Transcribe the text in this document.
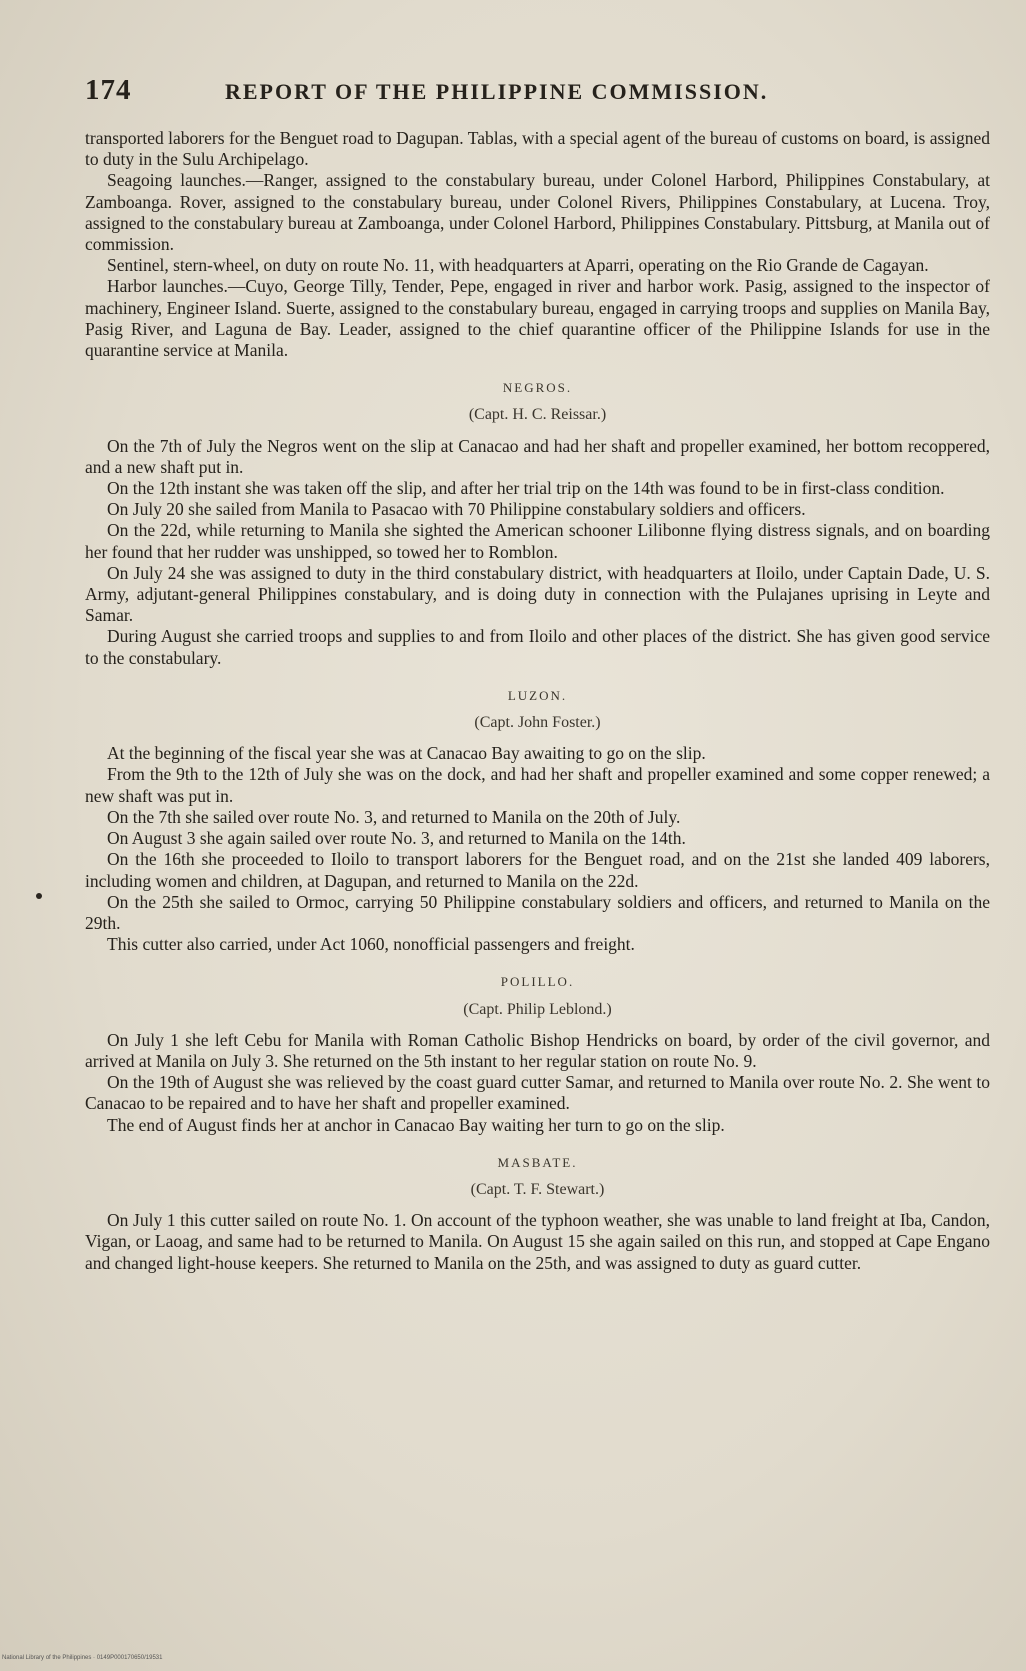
174	REPORT OF THE PHILIPPINE COMMISSION.

transported laborers for the Benguet road to Dagupan. Tablas, with a special agent of the bureau of customs on board, is assigned to duty in the Sulu Archipelago.

Seagoing launches.—Ranger, assigned to the constabulary bureau, under Colonel Harbord, Philippines Constabulary, at Zamboanga. Rover, assigned to the constabulary bureau, under Colonel Rivers, Philippines Constabulary, at Lucena. Troy, assigned to the constabulary bureau at Zamboanga, under Colonel Harbord, Philippines Constabulary. Pittsburg, at Manila out of commission.

Sentinel, stern-wheel, on duty on route No. 11, with headquarters at Aparri, operating on the Rio Grande de Cagayan.

Harbor launches.—Cuyo, George Tilly, Tender, Pepe, engaged in river and harbor work. Pasig, assigned to the inspector of machinery, Engineer Island. Suerte, assigned to the constabulary bureau, engaged in carrying troops and supplies on Manila Bay, Pasig River, and Laguna de Bay. Leader, assigned to the chief quarantine officer of the Philippine Islands for use in the quarantine service at Manila.

NEGROS.
(Capt. H. C. Reissar.)

On the 7th of July the Negros went on the slip at Canacao and had her shaft and propeller examined, her bottom recoppered, and a new shaft put in.

On the 12th instant she was taken off the slip, and after her trial trip on the 14th was found to be in first-class condition.

On July 20 she sailed from Manila to Pasacao with 70 Philippine constabulary soldiers and officers.

On the 22d, while returning to Manila she sighted the American schooner Lilibonne flying distress signals, and on boarding her found that her rudder was unshipped, so towed her to Romblon.

On July 24 she was assigned to duty in the third constabulary district, with headquarters at Iloilo, under Captain Dade, U. S. Army, adjutant-general Philippines constabulary, and is doing duty in connection with the Pulajanes uprising in Leyte and Samar.

During August she carried troops and supplies to and from Iloilo and other places of the district. She has given good service to the constabulary.

LUZON.
(Capt. John Foster.)

At the beginning of the fiscal year she was at Canacao Bay awaiting to go on the slip.

From the 9th to the 12th of July she was on the dock, and had her shaft and propeller examined and some copper renewed; a new shaft was put in.

On the 7th she sailed over route No. 3, and returned to Manila on the 20th of July.

On August 3 she again sailed over route No. 3, and returned to Manila on the 14th.

On the 16th she proceeded to Iloilo to transport laborers for the Benguet road, and on the 21st she landed 409 laborers, including women and children, at Dagupan, and returned to Manila on the 22d.

On the 25th she sailed to Ormoc, carrying 50 Philippine constabulary soldiers and officers, and returned to Manila on the 29th.

This cutter also carried, under Act 1060, nonofficial passengers and freight.

POLILLO.
(Capt. Philip Leblond.)

On July 1 she left Cebu for Manila with Roman Catholic Bishop Hendricks on board, by order of the civil governor, and arrived at Manila on July 3. She returned on the 5th instant to her regular station on route No. 9.

On the 19th of August she was relieved by the coast guard cutter Samar, and returned to Manila over route No. 2. She went to Canacao to be repaired and to have her shaft and propeller examined.

The end of August finds her at anchor in Canacao Bay waiting her turn to go on the slip.

MASBATE.
(Capt. T. F. Stewart.)

On July 1 this cutter sailed on route No. 1. On account of the typhoon weather, she was unable to land freight at Iba, Candon, Vigan, or Laoag, and same had to be returned to Manila. On August 15 she again sailed on this run, and stopped at Cape Engano and changed light-house keepers. She returned to Manila on the 25th, and was assigned to duty as guard cutter.

National Library of the Philippines · 0149P000170650/19531
